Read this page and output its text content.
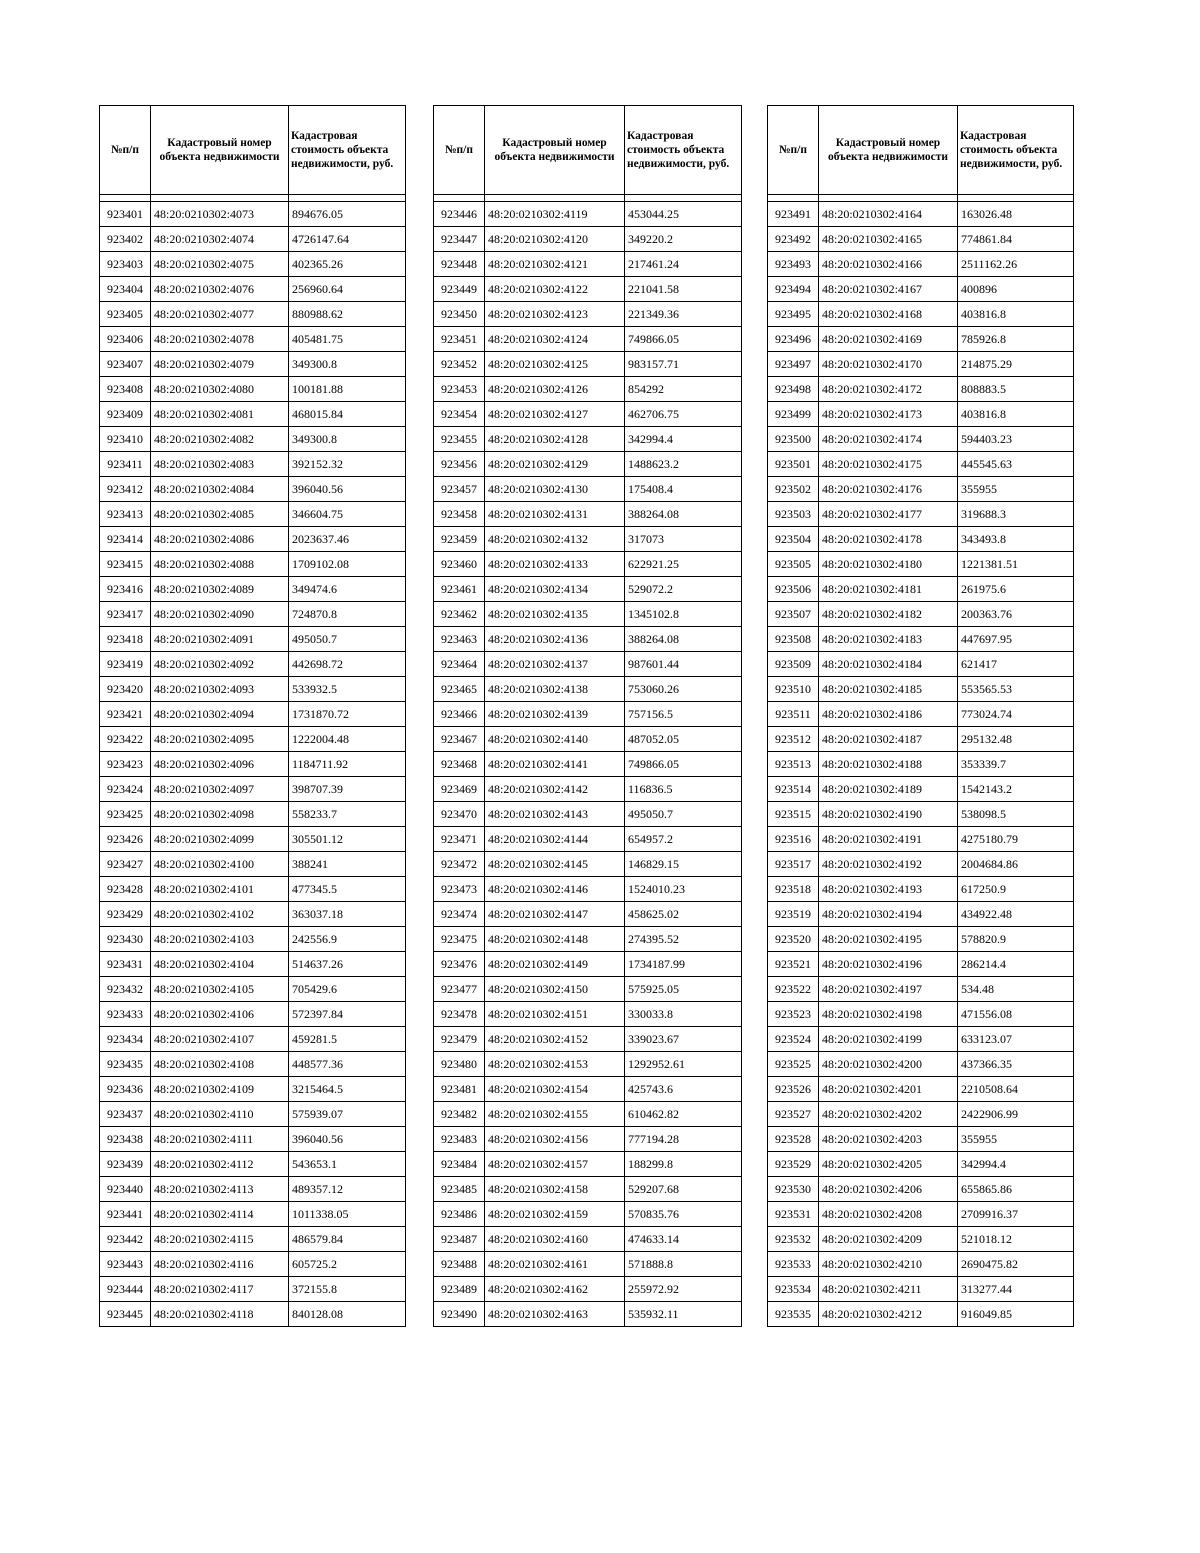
№п/п	Кадастровый номер объекта недвижимости	Кадастровая стоимость объекта недвижимости, руб.

923401	48:20:0210302:4073	894676.05
923402	48:20:0210302:4074	4726147.64
923403	48:20:0210302:4075	402365.26
923404	48:20:0210302:4076	256960.64
923405	48:20:0210302:4077	880988.62
923406	48:20:0210302:4078	405481.75
923407	48:20:0210302:4079	349300.8
923408	48:20:0210302:4080	100181.88
923409	48:20:0210302:4081	468015.84
923410	48:20:0210302:4082	349300.8
923411	48:20:0210302:4083	392152.32
923412	48:20:0210302:4084	396040.56
923413	48:20:0210302:4085	346604.75
923414	48:20:0210302:4086	2023637.46
923415	48:20:0210302:4088	1709102.08
923416	48:20:0210302:4089	349474.6
923417	48:20:0210302:4090	724870.8
923418	48:20:0210302:4091	495050.7
923419	48:20:0210302:4092	442698.72
923420	48:20:0210302:4093	533932.5
923421	48:20:0210302:4094	1731870.72
923422	48:20:0210302:4095	1222004.48
923423	48:20:0210302:4096	1184711.92
923424	48:20:0210302:4097	398707.39
923425	48:20:0210302:4098	558233.7
923426	48:20:0210302:4099	305501.12
923427	48:20:0210302:4100	388241
923428	48:20:0210302:4101	477345.5
923429	48:20:0210302:4102	363037.18
923430	48:20:0210302:4103	242556.9
923431	48:20:0210302:4104	514637.26
923432	48:20:0210302:4105	705429.6
923433	48:20:0210302:4106	572397.84
923434	48:20:0210302:4107	459281.5
923435	48:20:0210302:4108	448577.36
923436	48:20:0210302:4109	3215464.5
923437	48:20:0210302:4110	575939.07
923438	48:20:0210302:4111	396040.56
923439	48:20:0210302:4112	543653.1
923440	48:20:0210302:4113	489357.12
923441	48:20:0210302:4114	1011338.05
923442	48:20:0210302:4115	486579.84
923443	48:20:0210302:4116	605725.2
923444	48:20:0210302:4117	372155.8
923445	48:20:0210302:4118	840128.08
№п/п	Кадастровый номер объекта недвижимости	Кадастровая стоимость объекта недвижимости, руб.

923446	48:20:0210302:4119	453044.25
923447	48:20:0210302:4120	349220.2
923448	48:20:0210302:4121	217461.24
923449	48:20:0210302:4122	221041.58
923450	48:20:0210302:4123	221349.36
923451	48:20:0210302:4124	749866.05
923452	48:20:0210302:4125	983157.71
923453	48:20:0210302:4126	854292
923454	48:20:0210302:4127	462706.75
923455	48:20:0210302:4128	342994.4
923456	48:20:0210302:4129	1488623.2
923457	48:20:0210302:4130	175408.4
923458	48:20:0210302:4131	388264.08
923459	48:20:0210302:4132	317073
923460	48:20:0210302:4133	622921.25
923461	48:20:0210302:4134	529072.2
923462	48:20:0210302:4135	1345102.8
923463	48:20:0210302:4136	388264.08
923464	48:20:0210302:4137	987601.44
923465	48:20:0210302:4138	753060.26
923466	48:20:0210302:4139	757156.5
923467	48:20:0210302:4140	487052.05
923468	48:20:0210302:4141	749866.05
923469	48:20:0210302:4142	116836.5
923470	48:20:0210302:4143	495050.7
923471	48:20:0210302:4144	654957.2
923472	48:20:0210302:4145	146829.15
923473	48:20:0210302:4146	1524010.23
923474	48:20:0210302:4147	458625.02
923475	48:20:0210302:4148	274395.52
923476	48:20:0210302:4149	1734187.99
923477	48:20:0210302:4150	575925.05
923478	48:20:0210302:4151	330033.8
923479	48:20:0210302:4152	339023.67
923480	48:20:0210302:4153	1292952.61
923481	48:20:0210302:4154	425743.6
923482	48:20:0210302:4155	610462.82
923483	48:20:0210302:4156	777194.28
923484	48:20:0210302:4157	188299.8
923485	48:20:0210302:4158	529207.68
923486	48:20:0210302:4159	570835.76
923487	48:20:0210302:4160	474633.14
923488	48:20:0210302:4161	571888.8
923489	48:20:0210302:4162	255972.92
923490	48:20:0210302:4163	535932.11
№п/п	Кадастровый номер объекта недвижимости	Кадастровая стоимость объекта недвижимости, руб.

923491	48:20:0210302:4164	163026.48
923492	48:20:0210302:4165	774861.84
923493	48:20:0210302:4166	2511162.26
923494	48:20:0210302:4167	400896
923495	48:20:0210302:4168	403816.8
923496	48:20:0210302:4169	785926.8
923497	48:20:0210302:4170	214875.29
923498	48:20:0210302:4172	808883.5
923499	48:20:0210302:4173	403816.8
923500	48:20:0210302:4174	594403.23
923501	48:20:0210302:4175	445545.63
923502	48:20:0210302:4176	355955
923503	48:20:0210302:4177	319688.3
923504	48:20:0210302:4178	343493.8
923505	48:20:0210302:4180	1221381.51
923506	48:20:0210302:4181	261975.6
923507	48:20:0210302:4182	200363.76
923508	48:20:0210302:4183	447697.95
923509	48:20:0210302:4184	621417
923510	48:20:0210302:4185	553565.53
923511	48:20:0210302:4186	773024.74
923512	48:20:0210302:4187	295132.48
923513	48:20:0210302:4188	353339.7
923514	48:20:0210302:4189	1542143.2
923515	48:20:0210302:4190	538098.5
923516	48:20:0210302:4191	4275180.79
923517	48:20:0210302:4192	2004684.86
923518	48:20:0210302:4193	617250.9
923519	48:20:0210302:4194	434922.48
923520	48:20:0210302:4195	578820.9
923521	48:20:0210302:4196	286214.4
923522	48:20:0210302:4197	534.48
923523	48:20:0210302:4198	471556.08
923524	48:20:0210302:4199	633123.07
923525	48:20:0210302:4200	437366.35
923526	48:20:0210302:4201	2210508.64
923527	48:20:0210302:4202	2422906.99
923528	48:20:0210302:4203	355955
923529	48:20:0210302:4205	342994.4
923530	48:20:0210302:4206	655865.86
923531	48:20:0210302:4208	2709916.37
923532	48:20:0210302:4209	521018.12
923533	48:20:0210302:4210	2690475.82
923534	48:20:0210302:4211	313277.44
923535	48:20:0210302:4212	916049.85
